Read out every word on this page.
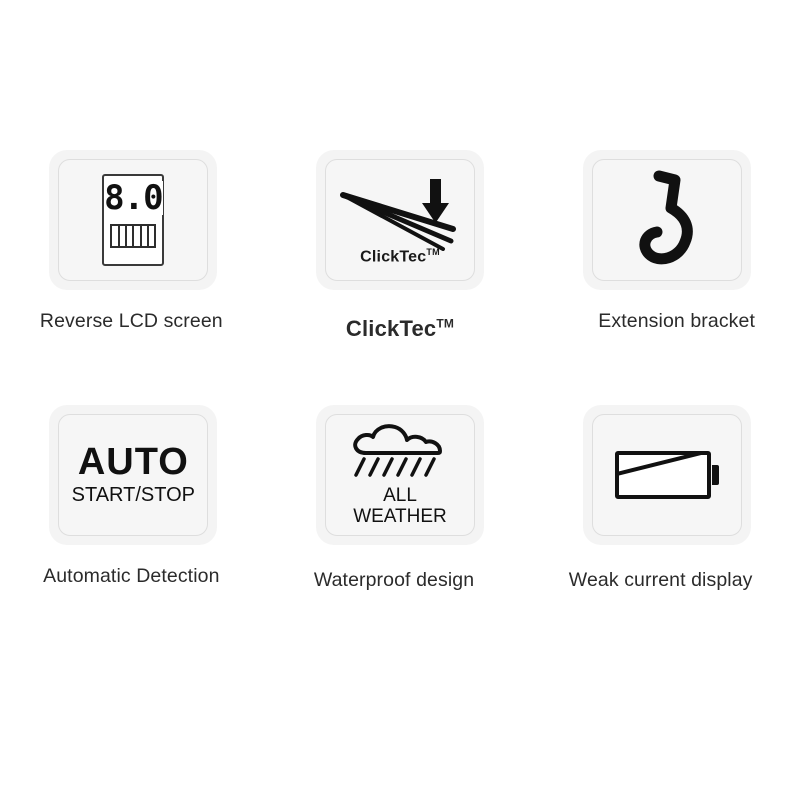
8.0
Reverse LCD screen
ClickTec™
ClickTec™	Extension bracket
AUTO
START/STOP
Automatic Detection
ALL
WEATHER
Waterproof design	Weak current display
